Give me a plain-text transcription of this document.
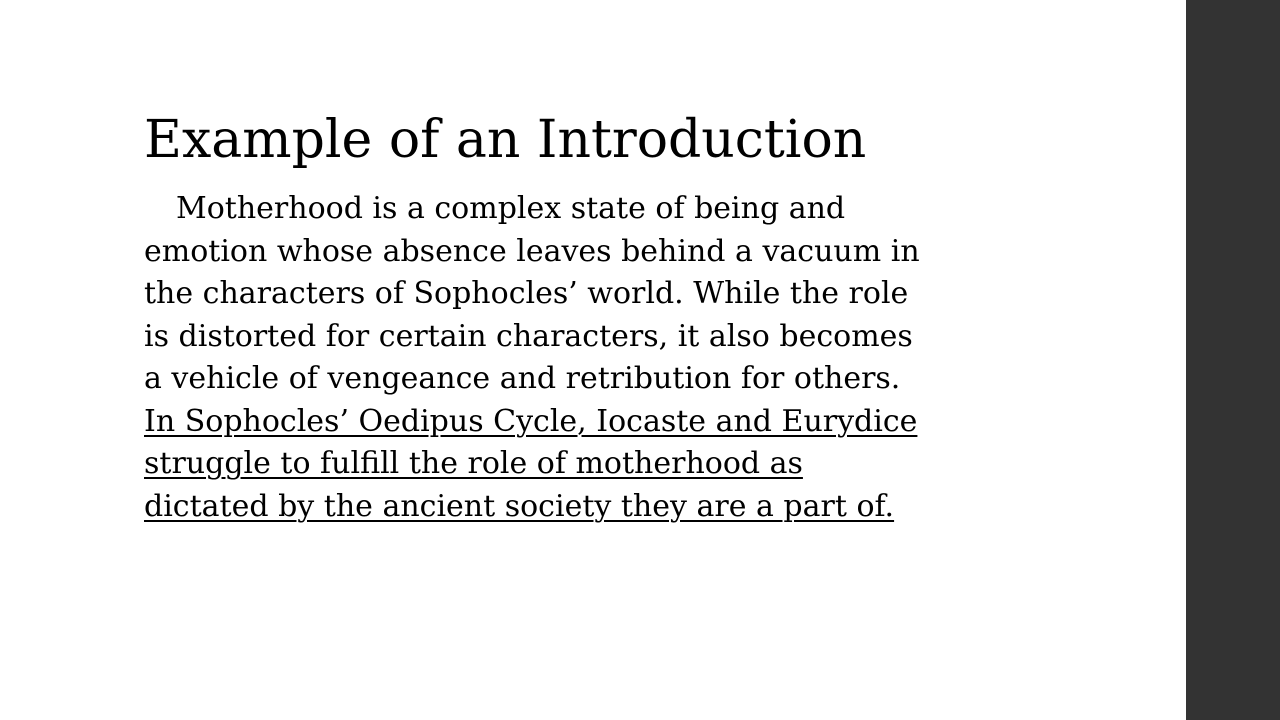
Example of an Introduction

Motherhood is a complex state of being and
emotion whose absence leaves behind a vacuum in
the characters of Sophocles’ world. While the role
is distorted for certain characters, it also becomes
a vehicle of vengeance and retribution for others.
In Sophocles’ Oedipus Cycle, Iocaste and Eurydice
struggle to fulfill the role of motherhood as
dictated by the ancient society they are a part of.
